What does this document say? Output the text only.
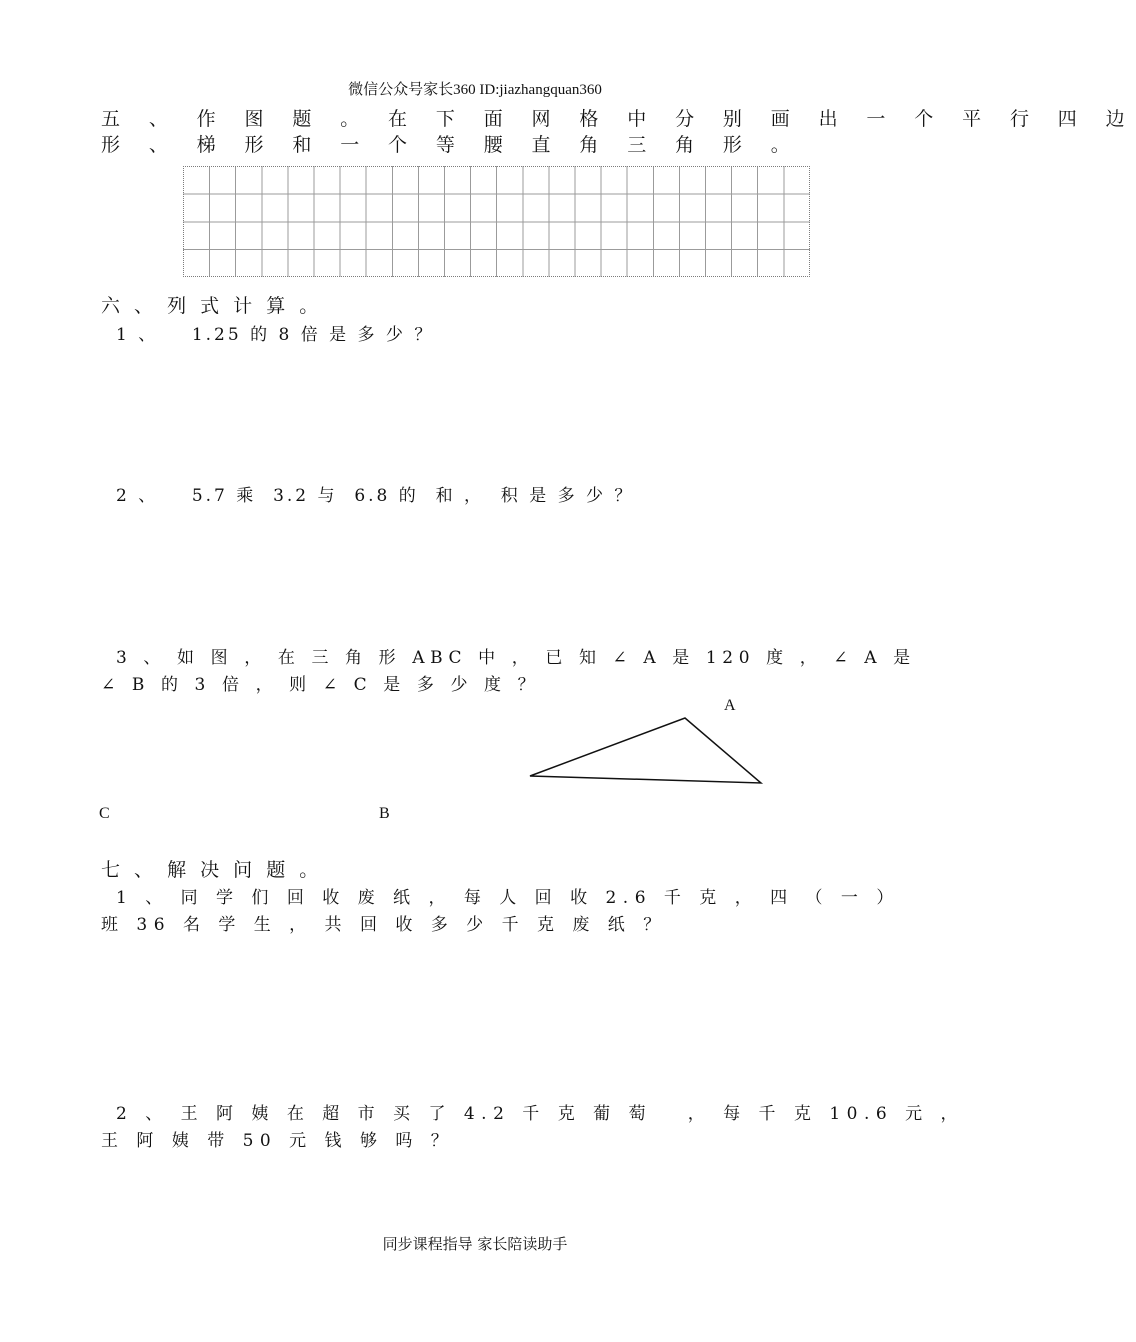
微信公众号家长360 ID:jiazhangquan360
五 、 作 图 题 。 在 下 面 网 格 中 分 别 画 出 一 个 平 行 四 边
形 、 梯 形 和 一 个 等 腰 直 角 三 角 形 。
六 、 列 式 计 算 。
1 、    1.25 的 8 倍 是 多 少 ？
2 、    5.7 乘  3.2 与  6.8 的  和 ，  积 是 多 少 ？
3 、 如 图 ， 在 三 角 形 ABC 中 ， 已 知 ∠ A 是 120 度 ， ∠ A 是
∠ B 的 3 倍 ， 则 ∠ C 是 多 少 度 ？
A
C	B
七 、 解 决 问 题 。
1 、 同 学 们 回 收 废 纸 ， 每 人 回 收 2.6 千 克 ， 四 （ 一 ）
班 36 名 学 生 ， 共 回 收 多 少 千 克 废 纸 ？
2 、 王 阿 姨 在 超 市 买 了 4.2 千 克 葡 萄   ， 每 千 克 10.6 元 ，
王 阿 姨 带 50 元 钱 够 吗 ？
同步课程指导 家长陪读助手
